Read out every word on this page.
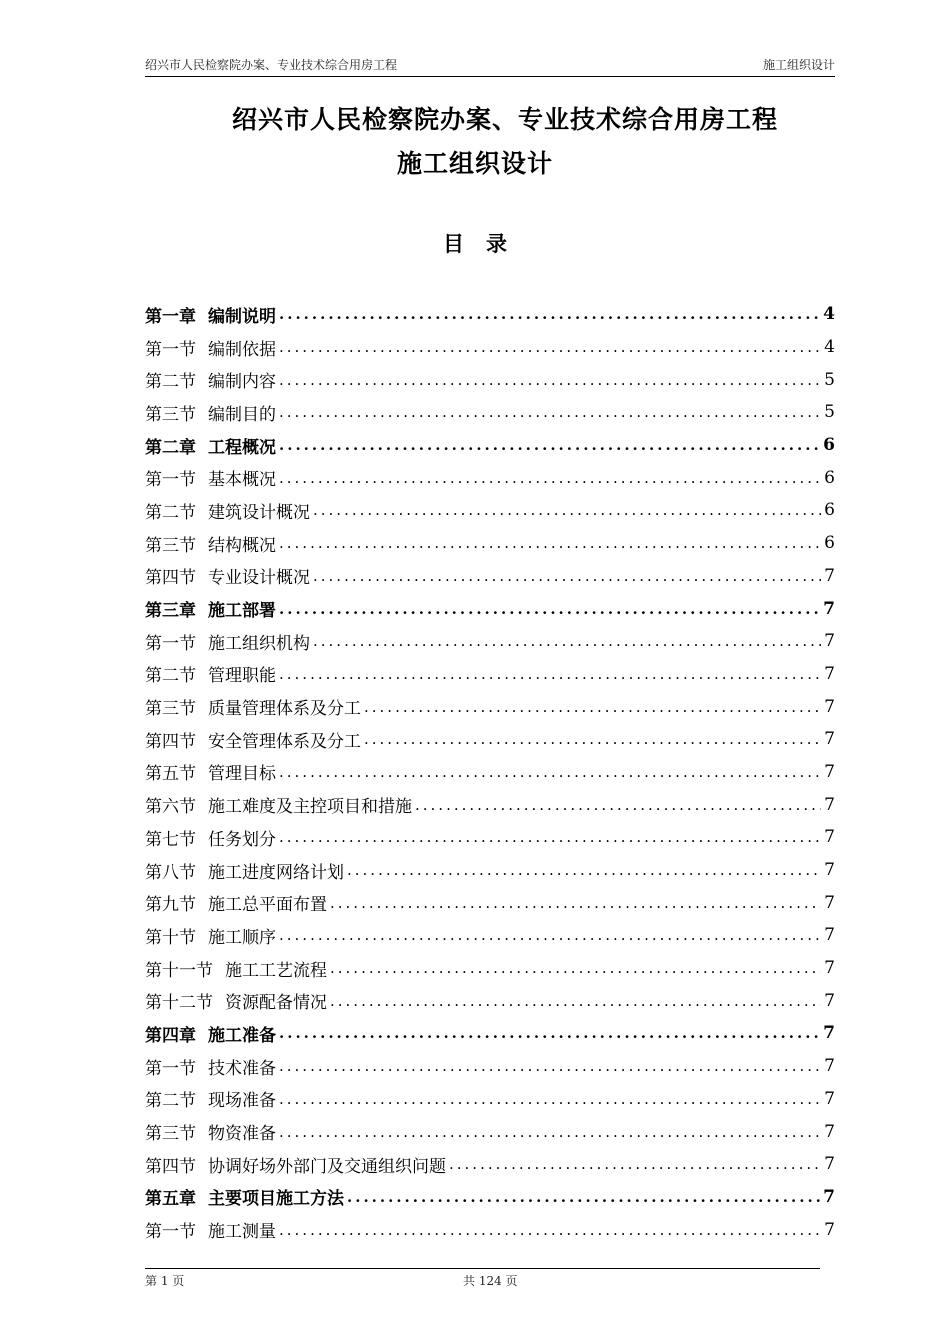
绍兴市人民检察院办案、专业技术综合用房工程	施工组织设计
绍兴市人民检察院办案、专业技术综合用房工程
施工组织设计
目录
第一章 编制说明 .....	4
第一节 编制依据 .....	4
第二节 编制内容 .....	5
第三节 编制目的 .....	5
第二章 工程概况 .....	6
第一节 基本概况 .....	6
第二节 建筑设计概况 .....	6
第三节 结构概况 .....	6
第四节 专业设计概况 .....	7
第三章 施工部署 .....	7
第一节 施工组织机构 .....	7
第二节 管理职能 .....	7
第三节 质量管理体系及分工 .....	7
第四节 安全管理体系及分工 .....	7
第五节 管理目标 .....	7
第六节 施工难度及主控项目和措施 .....	7
第七节 任务划分 .....	7
第八节 施工进度网络计划 .....	7
第九节 施工总平面布置 .....	7
第十节 施工顺序 .....	7
第十一节 施工工艺流程 .....	7
第十二节 资源配备情况 .....	7
第四章 施工准备 .....	7
第一节 技术准备 .....	7
第二节 现场准备 .....	7
第三节 物资准备 .....	7
第四节 协调好场外部门及交通组织问题 .....	7
第五章 主要项目施工方法 .....	7
第一节 施工测量 .....	7
第 1 页	共 124 页
